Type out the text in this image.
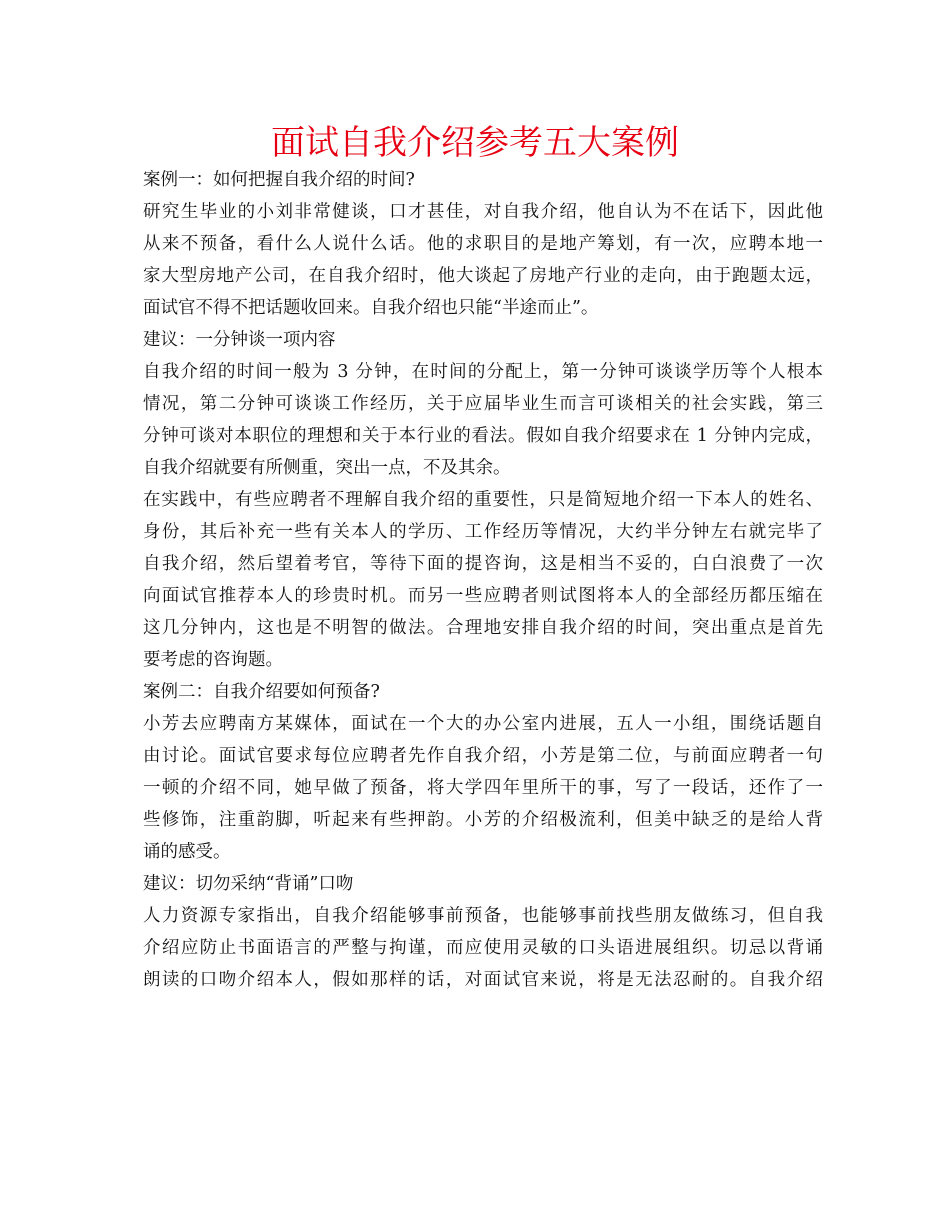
面试自我介绍参考五大案例
案例一：如何把握自我介绍的时间?
研究生毕业的小刘非常健谈，口才甚佳，对自我介绍，他自认为不在话下，因此他
从来不预备，看什么人说什么话。他的求职目的是地产筹划，有一次，应聘本地一
家大型房地产公司，在自我介绍时，他大谈起了房地产行业的走向，由于跑题太远，
面试官不得不把话题收回来。自我介绍也只能“半途而止”。
建议：一分钟谈一项内容
自我介绍的时间一般为 3 分钟，在时间的分配上，第一分钟可谈谈学历等个人根本
情况，第二分钟可谈谈工作经历，关于应届毕业生而言可谈相关的社会实践，第三
分钟可谈对本职位的理想和关于本行业的看法。假如自我介绍要求在 1 分钟内完成，
自我介绍就要有所侧重，突出一点，不及其余。
在实践中，有些应聘者不理解自我介绍的重要性，只是简短地介绍一下本人的姓名、
身份，其后补充一些有关本人的学历、工作经历等情况，大约半分钟左右就完毕了
自我介绍，然后望着考官，等待下面的提咨询，这是相当不妥的，白白浪费了一次
向面试官推荐本人的珍贵时机。而另一些应聘者则试图将本人的全部经历都压缩在
这几分钟内，这也是不明智的做法。合理地安排自我介绍的时间，突出重点是首先
要考虑的咨询题。
案例二：自我介绍要如何预备?
小芳去应聘南方某媒体，面试在一个大的办公室内进展，五人一小组，围绕话题自
由讨论。面试官要求每位应聘者先作自我介绍，小芳是第二位，与前面应聘者一句
一顿的介绍不同，她早做了预备，将大学四年里所干的事，写了一段话，还作了一
些修饰，注重韵脚，听起来有些押韵。小芳的介绍极流利，但美中缺乏的是给人背
诵的感受。
建议：切勿采纳“背诵”口吻
人力资源专家指出，自我介绍能够事前预备，也能够事前找些朋友做练习，但自我
介绍应防止书面语言的严整与拘谨，而应使用灵敏的口头语进展组织。切忌以背诵
朗读的口吻介绍本人，假如那样的话，对面试官来说，将是无法忍耐的。自我介绍
